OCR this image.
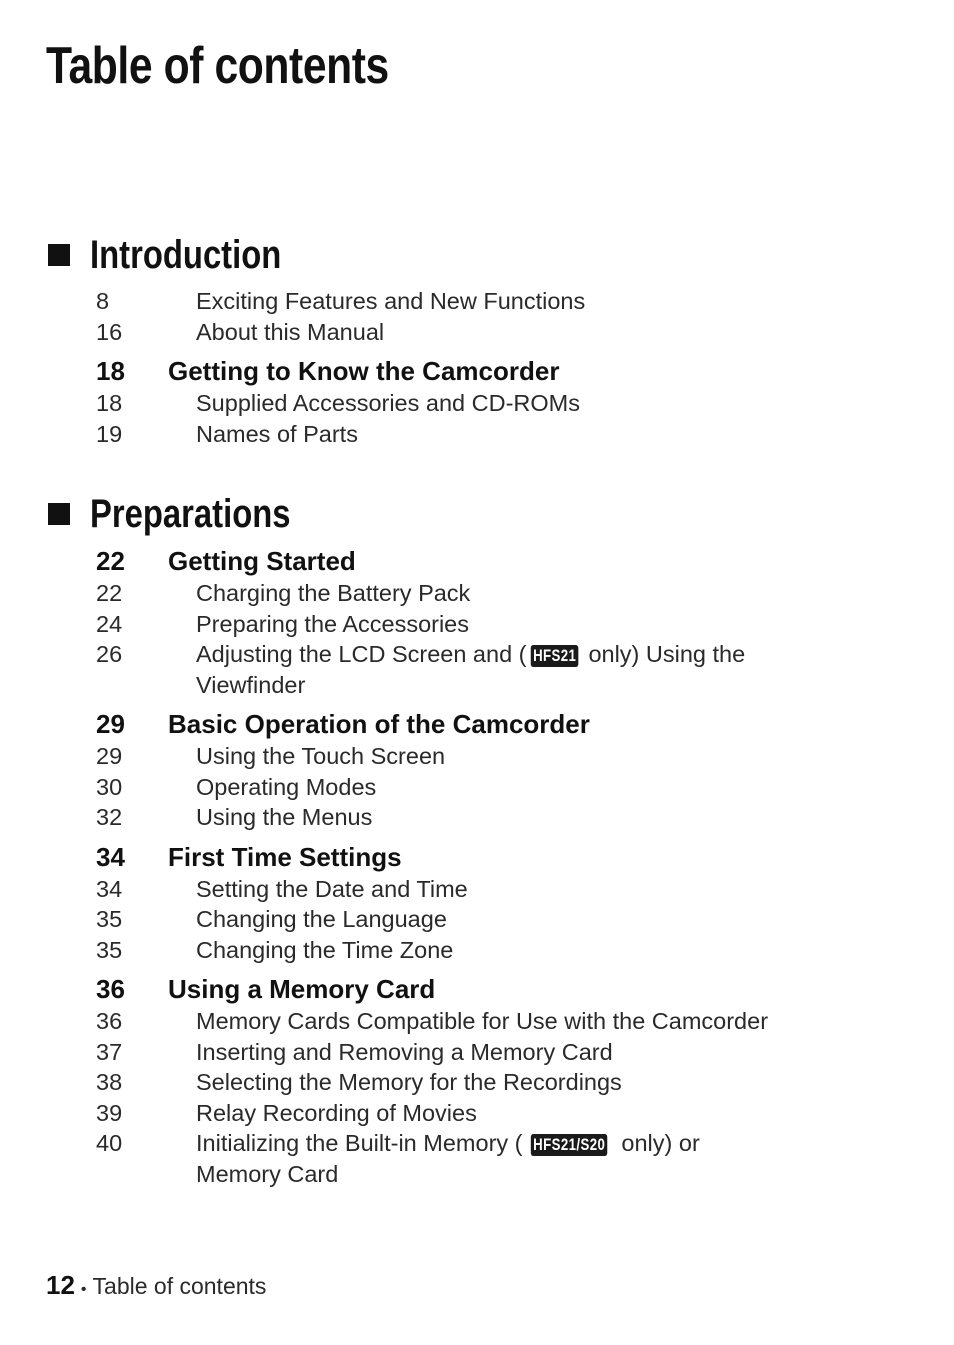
Table of contents
Introduction
8	Exciting Features and New Functions
16	About this Manual
18	Getting to Know the Camcorder
18	Supplied Accessories and CD-ROMs
19	Names of Parts
Preparations
22	Getting Started
22	Charging the Battery Pack
24	Preparing the Accessories
26	Adjusting the LCD Screen and ( HFS21 only) Using the Viewfinder
29	Basic Operation of the Camcorder
29	Using the Touch Screen
30	Operating Modes
32	Using the Menus
34	First Time Settings
34	Setting the Date and Time
35	Changing the Language
35	Changing the Time Zone
36	Using a Memory Card
36	Memory Cards Compatible for Use with the Camcorder
37	Inserting and Removing a Memory Card
38	Selecting the Memory for the Recordings
39	Relay Recording of Movies
40	Initializing the Built-in Memory ( HFS21/S20 only) or Memory Card
12 • Table of contents
